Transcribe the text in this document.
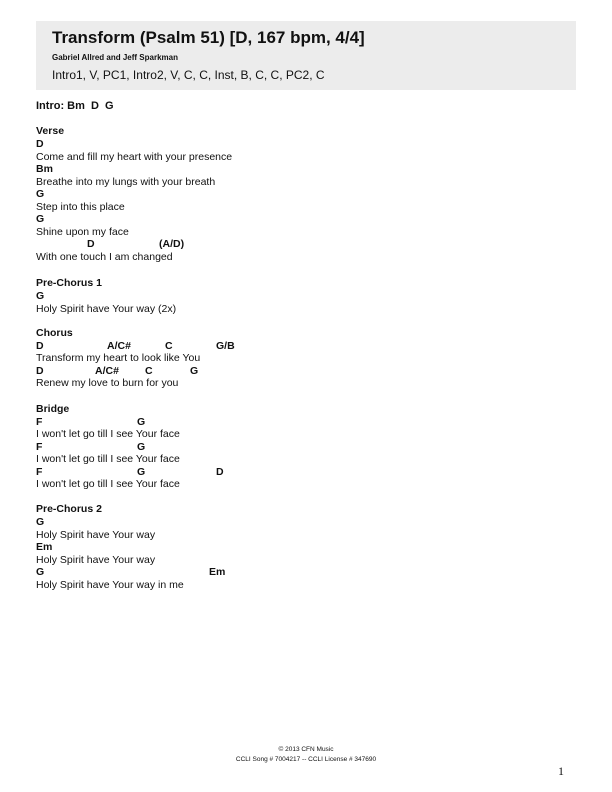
Transform (Psalm 51) [D, 167 bpm, 4/4]
Gabriel Allred and Jeff Sparkman
Intro1, V, PC1, Intro2, V, C, C, Inst, B, C, C, PC2, C
Intro: Bm  D  G
Verse

D

Come and fill my heart with your presence

Bm

Breathe into my lungs with your breath

G

Step into this place

G

Shine upon my face

D

	(A/D)

With one touch I am changed
Pre-Chorus 1

G

Holy Spirit have Your way (2x)
Chorus

D

	A/C#

	C

	G/B

Transform my heart to look like You

D

	A/C#

C

	G

Renew my love to burn for you
Bridge

F

	G

I won't let go till I see Your face

F

	G

I won't let go till I see Your face

F

	G

	D

I won't let go till I see Your face
Pre-Chorus 2

G

Holy Spirit have Your way

Em

Holy Spirit have Your way

G

	Em

Holy Spirit have Your way in me
© 2013 CFN Music
CCLI Song # 7004217 -- CCLI License # 347690
1
